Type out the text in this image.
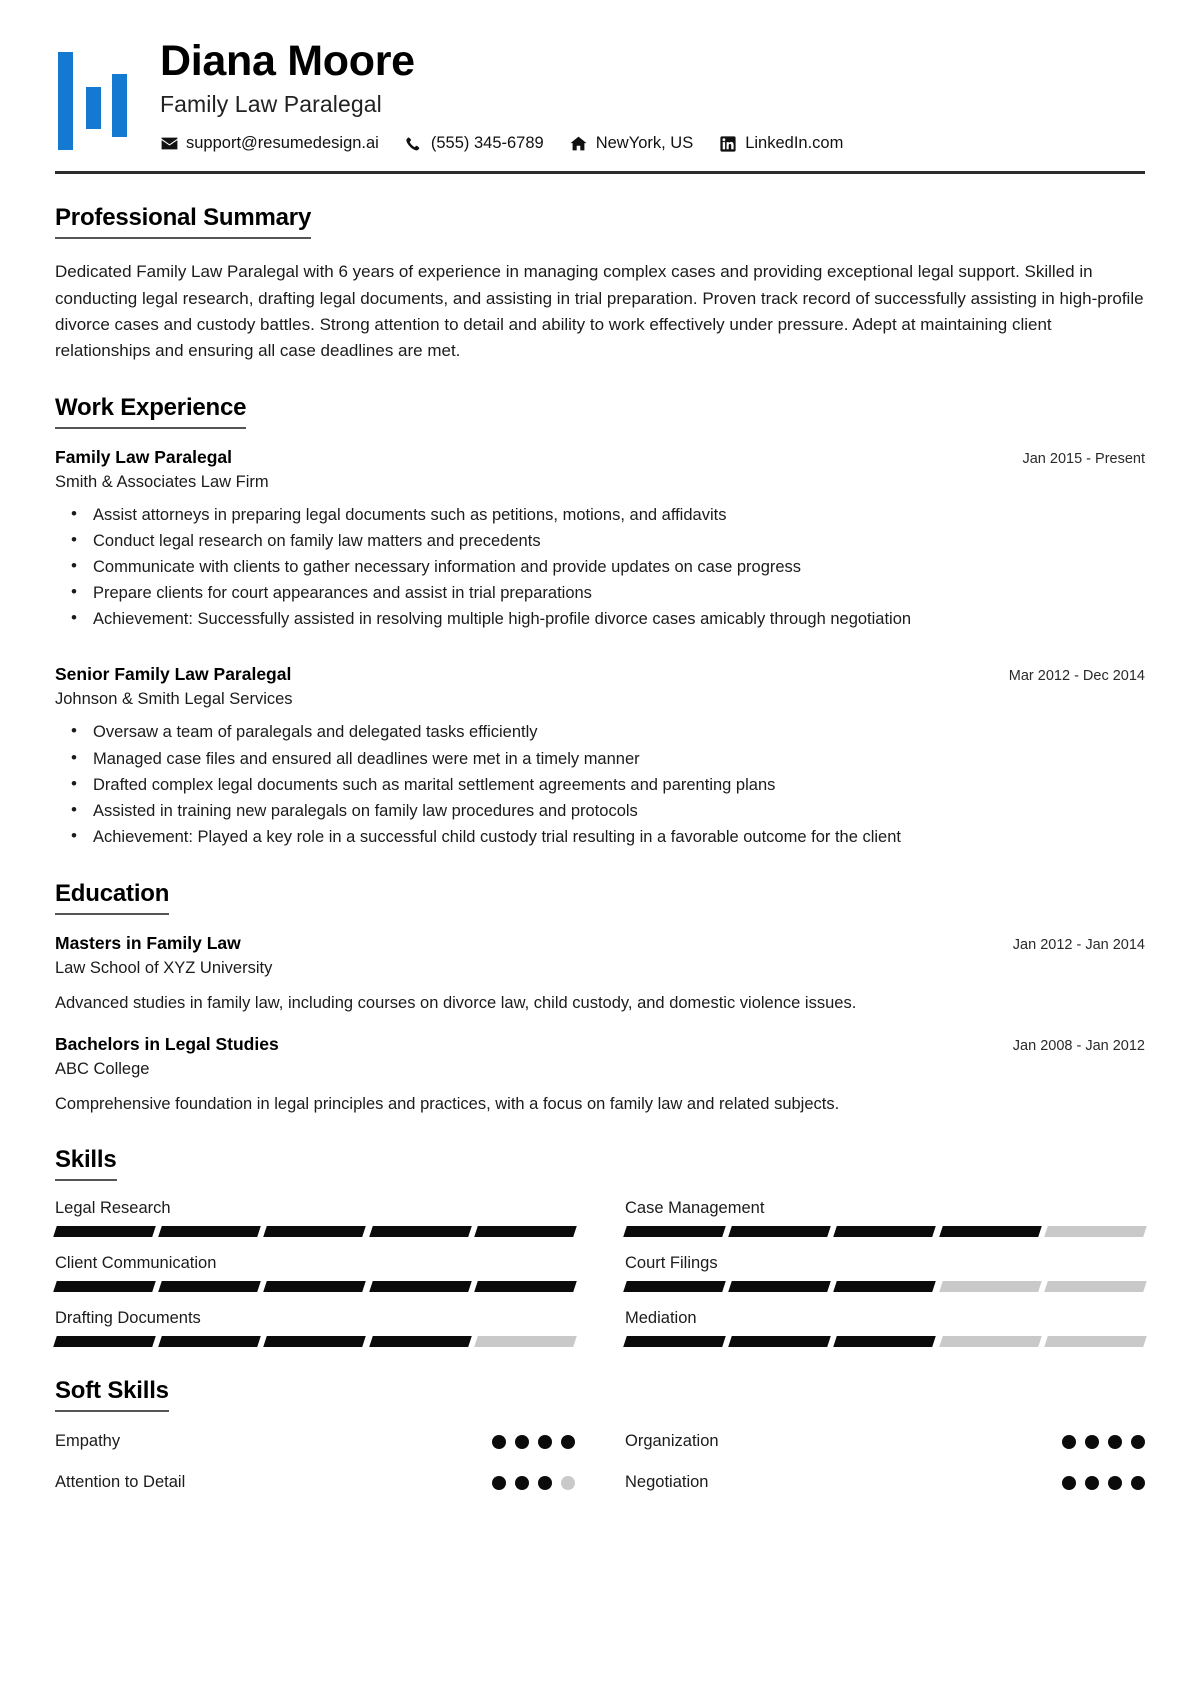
Diana Moore
Family Law Paralegal
support@resumedesign.ai	(555) 345-6789	NewYork, US	LinkedIn.com
Professional Summary
Dedicated Family Law Paralegal with 6 years of experience in managing complex cases and providing exceptional legal support. Skilled in conducting legal research, drafting legal documents, and assisting in trial preparation. Proven track record of successfully assisting in high-profile divorce cases and custody battles. Strong attention to detail and ability to work effectively under pressure. Adept at maintaining client relationships and ensuring all case deadlines are met.
Work Experience
Family Law Paralegal	Jan 2015 - Present
Smith & Associates Law Firm
• Assist attorneys in preparing legal documents such as petitions, motions, and affidavits
• Conduct legal research on family law matters and precedents
• Communicate with clients to gather necessary information and provide updates on case progress
• Prepare clients for court appearances and assist in trial preparations
• Achievement: Successfully assisted in resolving multiple high-profile divorce cases amicably through negotiation
Senior Family Law Paralegal	Mar 2012 - Dec 2014
Johnson & Smith Legal Services
• Oversaw a team of paralegals and delegated tasks efficiently
• Managed case files and ensured all deadlines were met in a timely manner
• Drafted complex legal documents such as marital settlement agreements and parenting plans
• Assisted in training new paralegals on family law procedures and protocols
• Achievement: Played a key role in a successful child custody trial resulting in a favorable outcome for the client
Education
Masters in Family Law	Jan 2012 - Jan 2014
Law School of XYZ University
Advanced studies in family law, including courses on divorce law, child custody, and domestic violence issues.
Bachelors in Legal Studies	Jan 2008 - Jan 2012
ABC College
Comprehensive foundation in legal principles and practices, with a focus on family law and related subjects.
Skills
Legal Research	Case Management
Client Communication	Court Filings
Drafting Documents	Mediation
Soft Skills
Empathy	Organization
Attention to Detail	Negotiation
